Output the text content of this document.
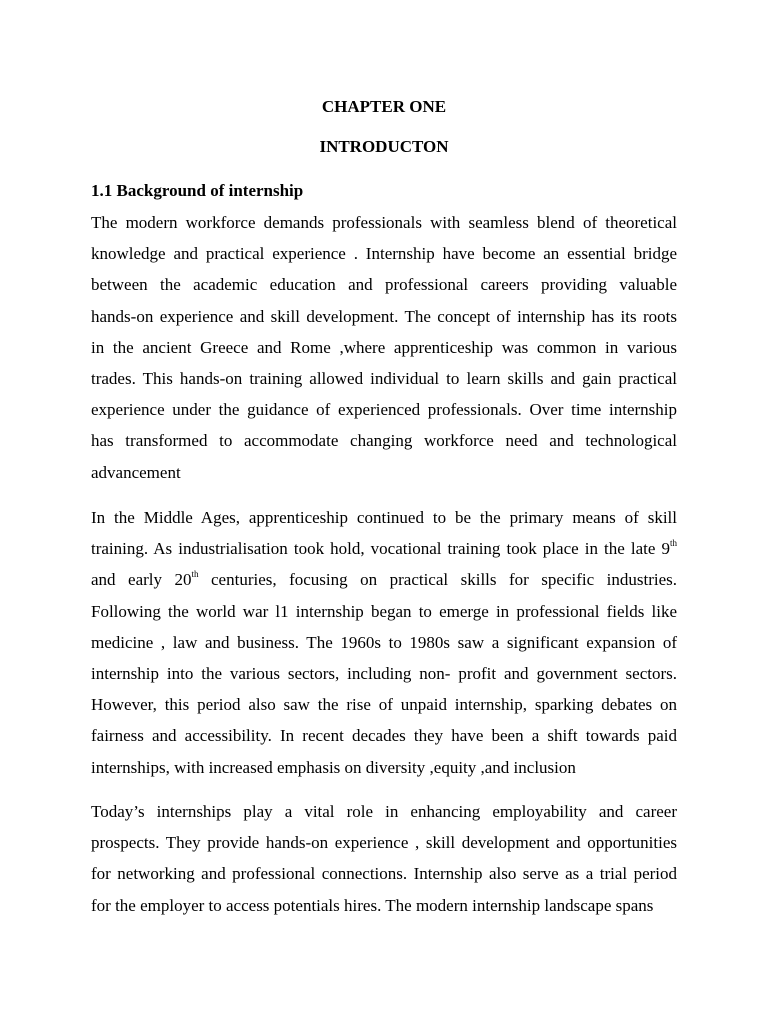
CHAPTER ONE
INTRODUCTON
1.1 Background of internship

The modern workforce demands professionals with seamless blend of theoretical
knowledge and practical experience . Internship have become an essential bridge
between the academic education and professional careers providing valuable
hands-on experience and skill development. The concept of internship has its roots
in the ancient Greece and Rome ,where apprenticeship was common in various
trades. This hands-on training allowed individual to learn skills and gain practical
experience under the guidance of experienced professionals. Over time internship
has transformed to accommodate changing workforce need and technological
advancement

In the Middle Ages, apprenticeship continued to be the primary means of skill
training. As industrialisation took hold, vocational training took place in the late 9th
and early 20th centuries, focusing on practical skills for specific industries.
Following the world war l1 internship began to emerge in professional fields like
medicine , law and business. The 1960s to 1980s saw a significant expansion of
internship into the various sectors, including non- profit and government sectors.
However, this period also saw the rise of unpaid internship, sparking debates on
fairness and accessibility. In recent decades they have been a shift towards paid
internships, with increased emphasis on diversity ,equity ,and inclusion

Today’s internships play a vital role in enhancing employability and career
prospects. They provide hands-on experience , skill development and opportunities
for networking and professional connections. Internship also serve as a trial period
for the employer to access potentials hires. The modern internship landscape spans
